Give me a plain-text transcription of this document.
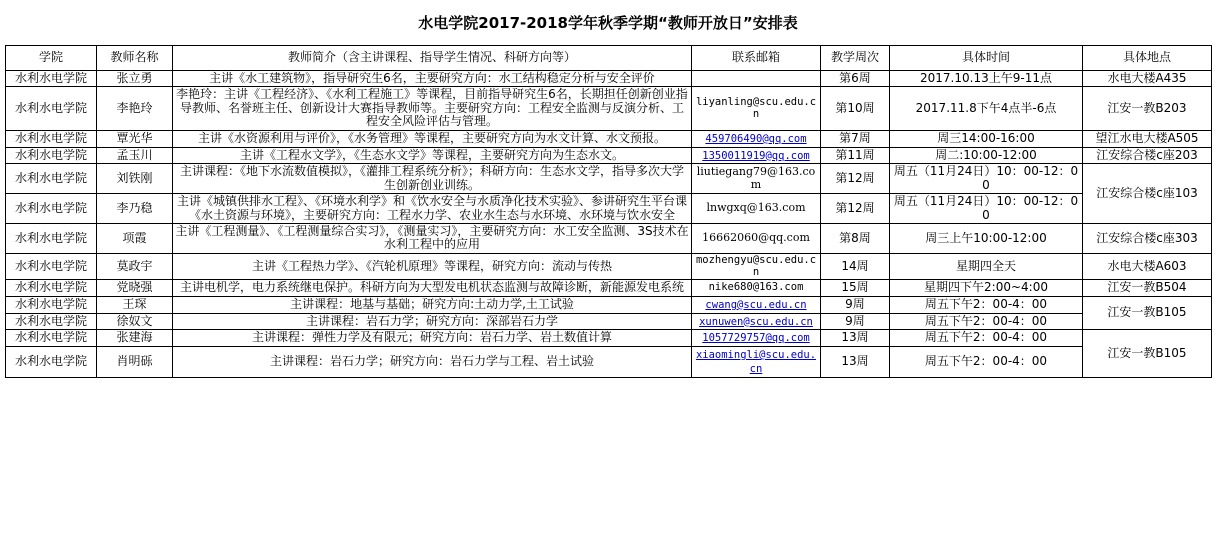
水电学院2017-2018学年秋季学期“教师开放日”安排表
学院	教师名称	教师简介（含主讲课程、指导学生情况、科研方向等）	联系邮箱	教学周次	具体时间	具体地点
水利水电学院	张立勇	主讲《水工建筑物》，指导研究生6名，主要研究方向：水工结构稳定分析与安全评价		第6周	2017.10.13上午9-11点	水电大楼A435
水利水电学院	李艳玲	李艳玲：主讲《工程经济》、《水利工程施工》等课程，目前指导研究生6名，长期担任创新创业指导教师、名誉班主任、创新设计大赛指导教师等。主要研究方向：工程安全监测与反演分析、工程安全风险评估与管理。	liyanling@scu.edu.cn	第10周	2017.11.8下午4点半-6点	江安一教B203
水利水电学院	覃光华	主讲《水资源利用与评价》，《水务管理》等课程，主要研究方向为水文计算、水文预报。	459706490@qq.com	第7周	周三14:00-16:00	望江水电大楼A505
水利水电学院	孟玉川	主讲《工程水文学》，《生态水文学》等课程，主要研究方向为生态水文。	1350011919@qq.com	第11周	周二:10:00-12:00	江安综合楼c座203
水利水电学院	刘铁刚	主讲课程：《地下水流数值模拟》，《灌排工程系统分析》；科研方向：生态水文学，指导多次大学生创新创业训练。	liutiegang79@163.com	第12周	周五（11月24日）10：00-12：00	江安综合楼c座103
水利水电学院	李乃稳	主讲《城镇供排水工程》、《环境水利学》和《饮水安全与水质净化技术实验》、参讲研究生平台课《水土资源与环境》，主要研究方向：工程水力学、农业水生态与水环境、水环境与饮水安全	lnwgxq@163.com	第12周	周五（11月24日）10：00-12：00	
水利水电学院	项霞	主讲《工程测量》、《工程测量综合实习》，《测量实习》，主要研究方向：水工安全监测、3S技术在水利工程中的应用	16662060@qq.com	第8周	周三上午10:00-12:00	江安综合楼c座303
水利水电学院	莫政宇	主讲《工程热力学》、《汽轮机原理》等课程，研究方向：流动与传热	mozhengyu@scu.edu.cn	14周	星期四全天	水电大楼A603
水利水电学院	党晓强	主讲电机学，电力系统继电保护。科研方向为大型发电机状态监测与故障诊断，新能源发电系统	nike680@163.com	15周	星期四下午2:00~4:00	江安一教B504
水利水电学院	王琛	主讲课程：地基与基础；研究方向:土动力学,土工试验	cwang@scu.edu.cn	9周	周五下午2：00-4：00	江安一教B105
水利水电学院	徐奴文	主讲课程：岩石力学；研究方向：深部岩石力学	xunuwen@scu.edu.cn	9周	周五下午2：00-4：00	
水利水电学院	张建海	主讲课程：弹性力学及有限元；研究方向：岩石力学、岩土数值计算	1057729757@qq.com	13周	周五下午2：00-4：00	江安一教B105
水利水电学院	肖明砾	主讲课程：岩石力学；研究方向：岩石力学与工程、岩土试验	xiaomingli@scu.edu.cn	13周	周五下午2：00-4：00	
